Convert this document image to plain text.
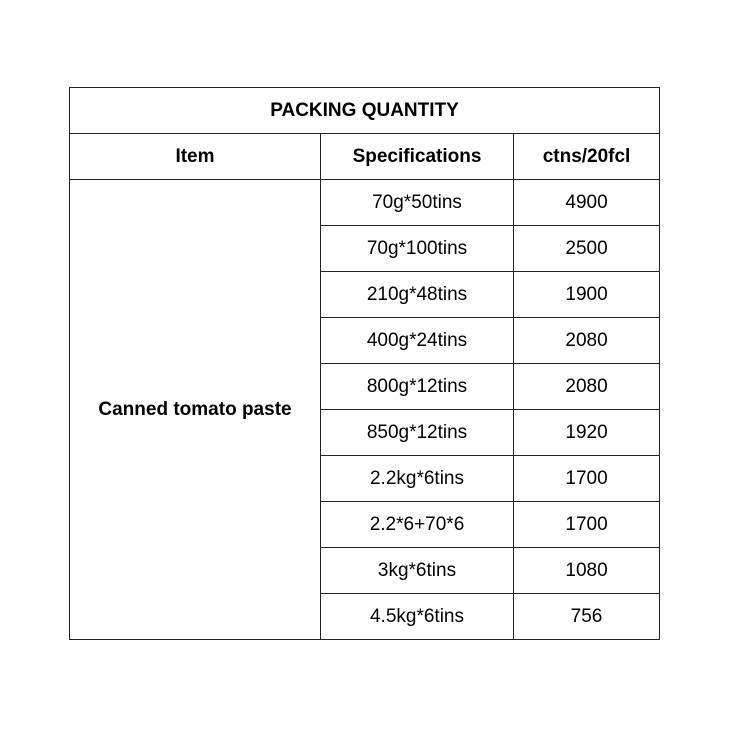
PACKING QUANTITY		
Item	Specifications	ctns/20fcl
Canned tomato paste	70g*50tins	4900
	70g*100tins	2500
	210g*48tins	1900
	400g*24tins	2080
	800g*12tins	2080
	850g*12tins	1920
	2.2kg*6tins	1700
	2.2*6+70*6	1700
	3kg*6tins	1080
	4.5kg*6tins	756
